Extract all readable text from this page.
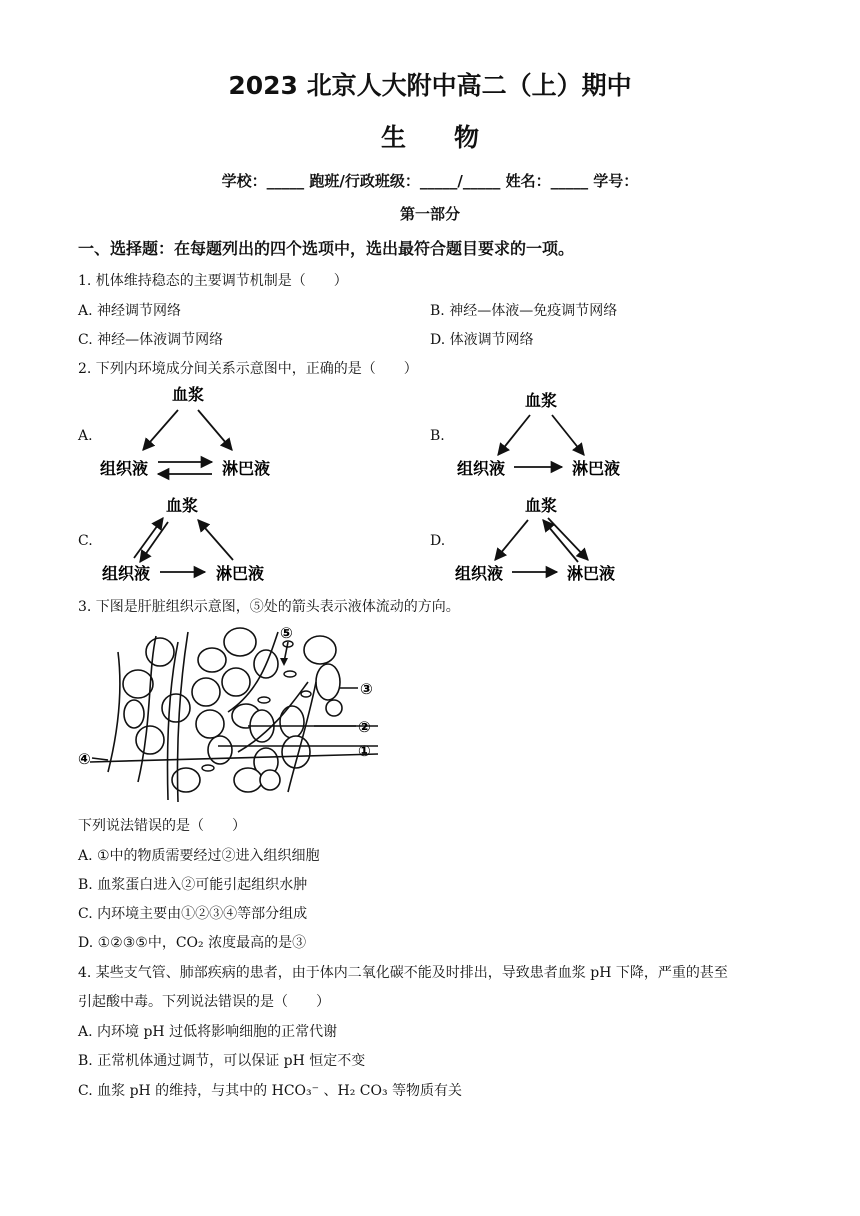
2023 北京人大附中高二（上）期中
生物
学校：_____ 跑班/行政班级：_____/_____ 姓名：_____ 学号：
第一部分
一、选择题：在每题列出的四个选项中，选出最符合题目要求的一项。
1. 机体维持稳态的主要调节机制是（　　）
A. 神经调节网络	B. 神经—体液—免疫调节网络
C. 神经—体液调节网络	D. 体液调节网络
2. 下列内环境成分间关系示意图中，正确的是（　　）
A.	B.
C.	D.
血浆
组织液	淋巴液
血浆
组织液	淋巴液
血浆
组织液	淋巴液
血浆
组织液	淋巴液
3. 下图是肝脏组织示意图，⑤处的箭头表示液体流动的方向。
⑤
③
②
①
④
下列说法错误的是（　　）
A. ①中的物质需要经过②进入组织细胞
B. 血浆蛋白进入②可能引起组织水肿
C. 内环境主要由①②③④等部分组成
D. ①②③⑤中，CO₂ 浓度最高的是③
4. 某些支气管、肺部疾病的患者，由于体内二氧化碳不能及时排出，导致患者血浆 pH 下降，严重的甚至
引起酸中毒。下列说法错误的是（　　）
A. 内环境 pH 过低将影响细胞的正常代谢
B. 正常机体通过调节，可以保证 pH 恒定不变
C. 血浆 pH 的维持，与其中的 HCO₃⁻ 、H₂ CO₃ 等物质有关
